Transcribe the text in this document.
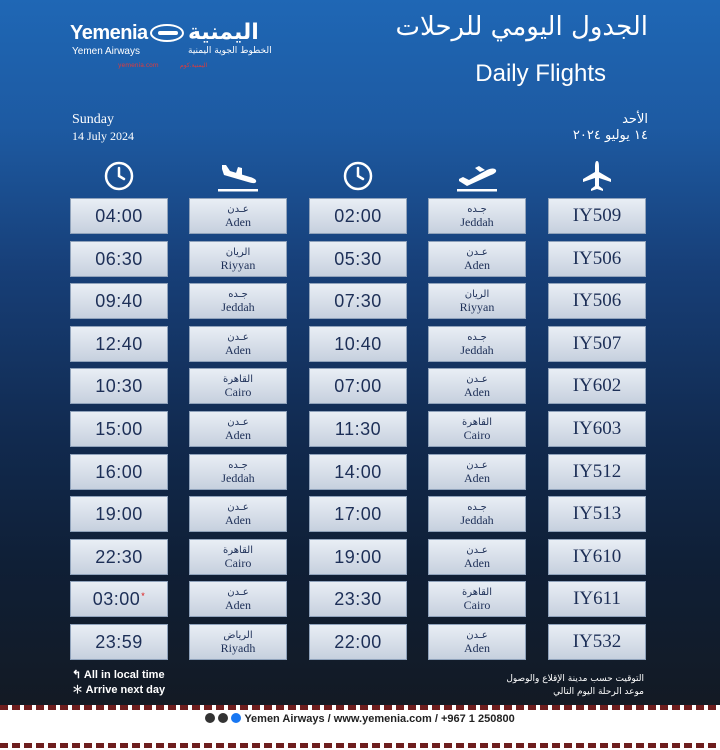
Yemenia اليمنية
Yemen Airways	الخطوط الجوية اليمنية
yemenia.com	اليمنية.كوم
الجدول اليومي للرحلات
Daily Flights
Sunday
14 July 2024
الأحد
١٤ يوليو ٢٠٢٤
IY509
جـده
Jeddah
02:00
عـدن
Aden
04:00
IY506
عـدن
Aden
05:30
الريان
Riyyan
06:30
IY506
الريان
Riyyan
07:30
جـده
Jeddah
09:40
IY507
جـده
Jeddah
10:40
عـدن
Aden
12:40
IY602
عـدن
Aden
07:00
القاهرة
Cairo
10:30
IY603
القاهرة
Cairo
11:30
عـدن
Aden
15:00
IY512
عـدن
Aden
14:00
جـده
Jeddah
16:00
IY513
جـده
Jeddah
17:00
عـدن
Aden
19:00
IY610
عـدن
Aden
19:00
القاهرة
Cairo
22:30
IY611
القاهرة
Cairo
23:30
عـدن
Aden
03:00*
IY532
عـدن
Aden
22:00
الرياض
Riyadh
23:59
↰ All in local time
＊ Arrive next day
التوقيت حسب مدينة الإقلاع والوصول
موعد الرحلة اليوم التالي
Yemen Airways / www.yemenia.com / +967 1 250800
